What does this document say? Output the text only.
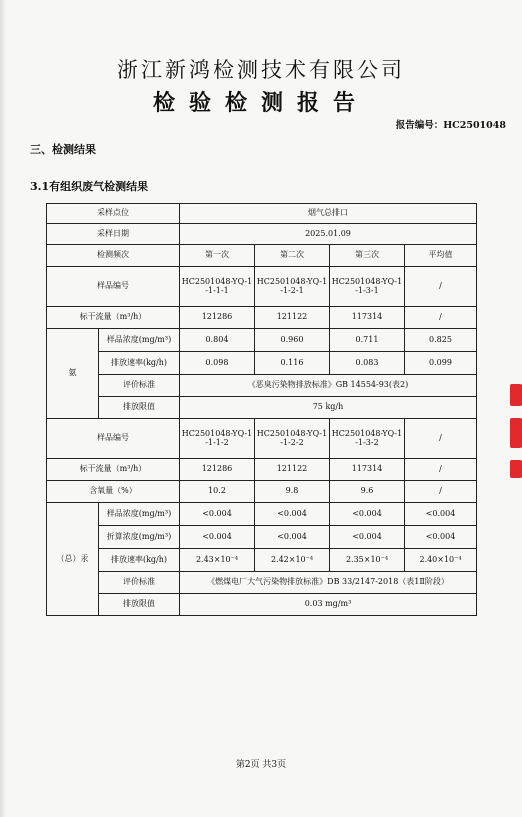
浙江新鸿检测技术有限公司
检验检测报告
报告编号：HC2501048
三、检测结果
3.1有组织废气检测结果
采样点位		烟气总排口			
采样日期		2025.01.09			
检测频次		第一次	第二次	第三次	平均值
样品编号		HC2501048-YQ-1-1-1-1	HC2501048-YQ-1-1-2-1	HC2501048-YQ-1-1-3-1	/
标干流量（m³/h）		121286	121122	117314	/
氨	样品浓度(mg/m³)	0.804	0.960	0.711	0.825
	排放速率(kg/h)	0.098	0.116	0.083	0.099
	评价标准	《恶臭污染物排放标准》GB 14554-93(表2)			
	排放限值	75 kg/h			
样品编号		HC2501048-YQ-1-1-1-2	HC2501048-YQ-1-1-2-2	HC2501048-YQ-1-1-3-2	/
标干流量（m³/h）		121286	121122	117314	/
含氧量（%）		10.2	9.8	9.6	/
（总）汞	样品浓度(mg/m³)	<0.004	<0.004	<0.004	<0.004
	折算浓度(mg/m³)	<0.004	<0.004	<0.004	<0.004
	排放速率(kg/h)	2.43×10⁻⁴	2.42×10⁻⁴	2.35×10⁻⁴	2.40×10⁻⁴
	评价标准	《燃煤电厂大气污染物排放标准》DB 33/2147-2018（表1Ⅱ阶段）			
	排放限值	0.03 mg/m³			
第2页 共3页
